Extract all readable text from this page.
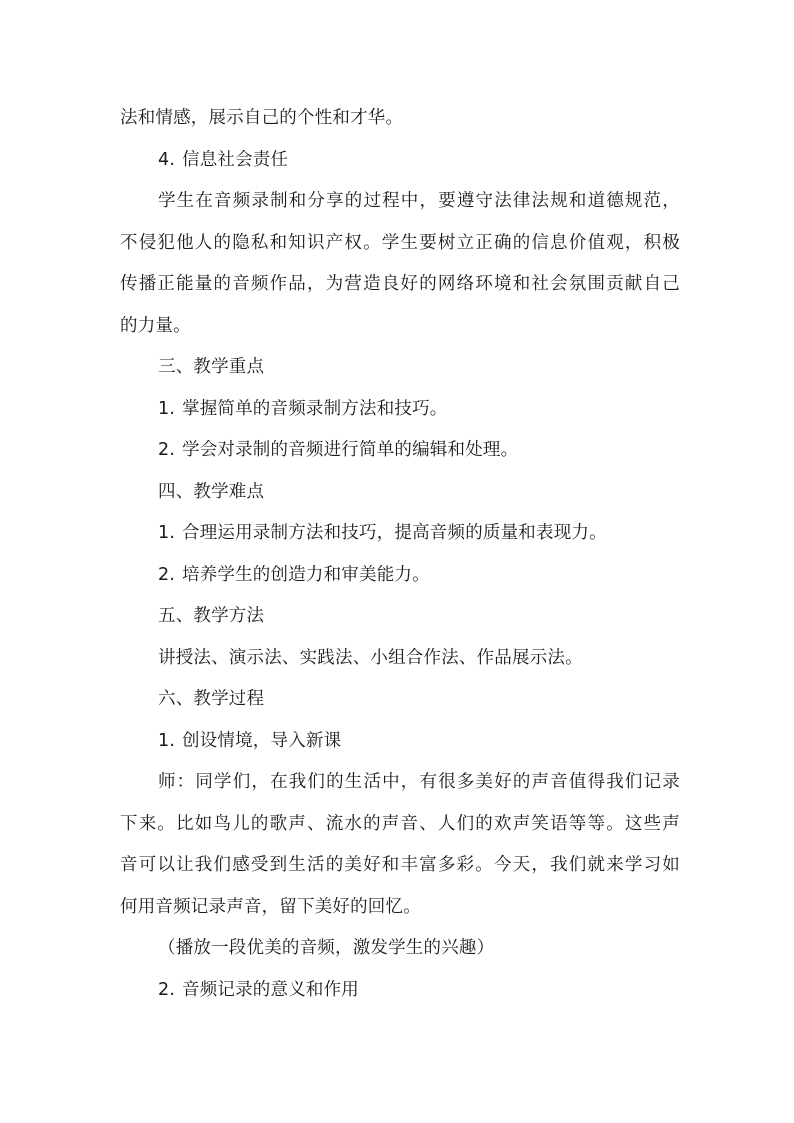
法和情感，展示自己的个性和才华。
4. 信息社会责任
学生在音频录制和分享的过程中，要遵守法律法规和道德规范，
不侵犯他人的隐私和知识产权。学生要树立正确的信息价值观，积极
传播正能量的音频作品，为营造良好的网络环境和社会氛围贡献自己
的力量。
三、教学重点
1. 掌握简单的音频录制方法和技巧。
2. 学会对录制的音频进行简单的编辑和处理。
四、教学难点
1. 合理运用录制方法和技巧，提高音频的质量和表现力。
2. 培养学生的创造力和审美能力。
五、教学方法
讲授法、演示法、实践法、小组合作法、作品展示法。
六、教学过程
1. 创设情境，导入新课
师：同学们，在我们的生活中，有很多美好的声音值得我们记录
下来。比如鸟儿的歌声、流水的声音、人们的欢声笑语等等。这些声
音可以让我们感受到生活的美好和丰富多彩。今天，我们就来学习如
何用音频记录声音，留下美好的回忆。
（播放一段优美的音频，激发学生的兴趣）
2. 音频记录的意义和作用
